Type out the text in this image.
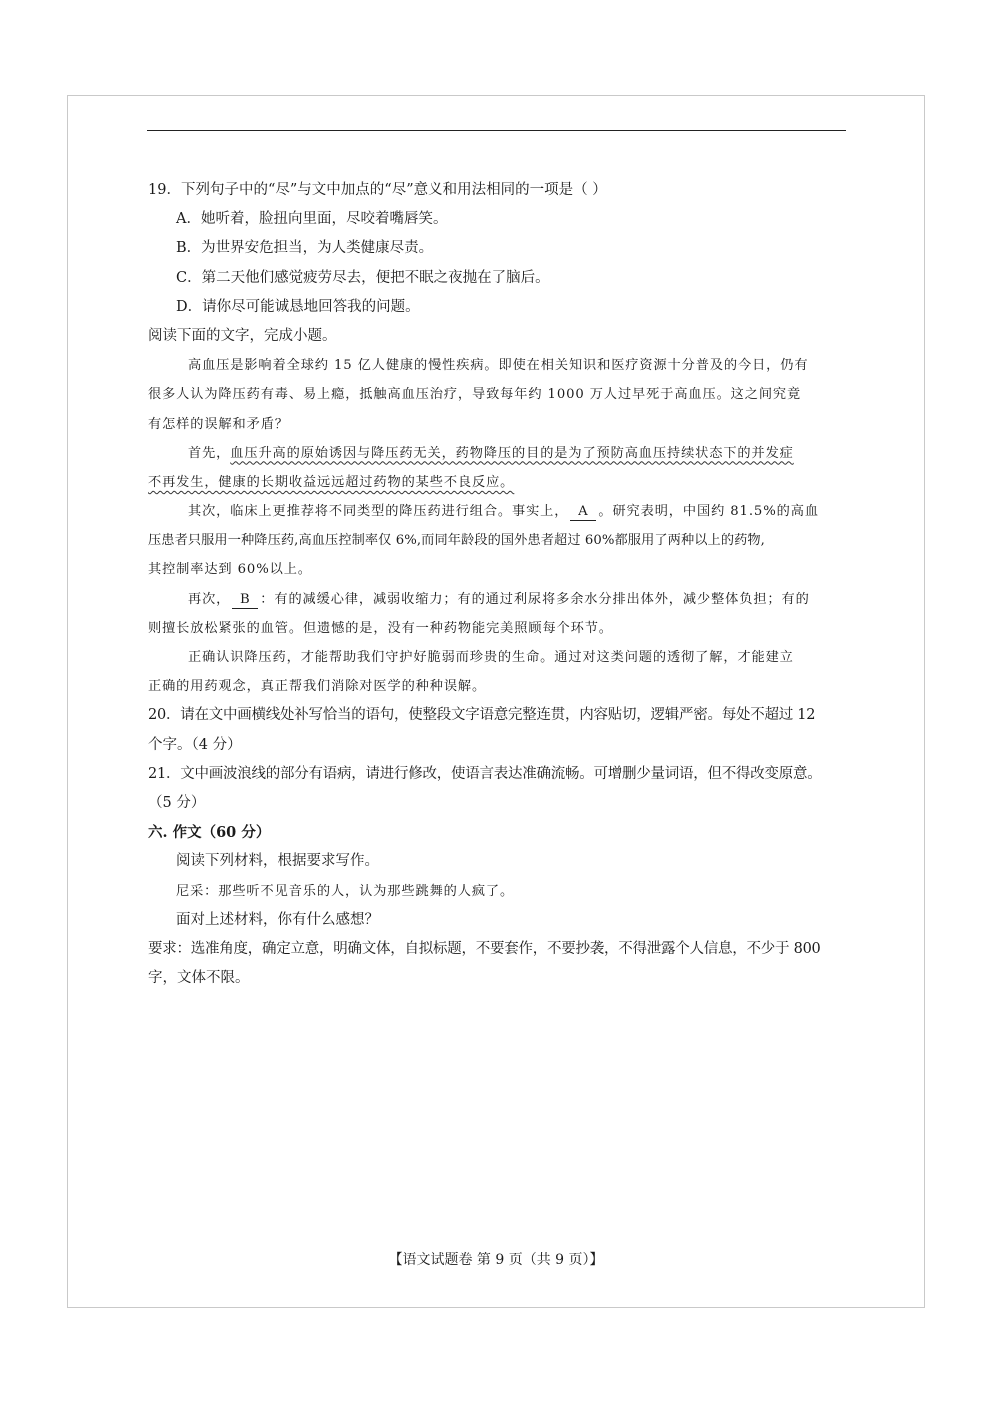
19．下列句子中的“尽”与文中加点的“尽”意义和用法相同的一项是（ ）
A．她听着，脸扭向里面，尽咬着嘴唇笑。
B．为世界安危担当，为人类健康尽责。
C．第二天他们感觉疲劳尽去，便把不眠之夜抛在了脑后。
D．请你尽可能诚恳地回答我的问题。
阅读下面的文字，完成小题。
高血压是影响着全球约 15 亿人健康的慢性疾病。即使在相关知识和医疗资源十分普及的今日，仍有
很多人认为降压药有毒、易上瘾，抵触高血压治疗，导致每年约 1000 万人过早死于高血压。这之间究竟
有怎样的误解和矛盾？
首先，血压升高的原始诱因与降压药无关，药物降压的目的是为了预防高血压持续状态下的并发症
不再发生，健康的长期收益远远超过药物的某些不良反应。
其次，临床上更推荐将不同类型的降压药进行组合。事实上， A 。研究表明，中国约 81.5%的高血
压患者只服用一种降压药,高血压控制率仅 6%,而同年龄段的国外患者超过 60%都服用了两种以上的药物,
其控制率达到 60%以上。
再次， B ：有的减缓心律，减弱收缩力；有的通过利尿将多余水分排出体外，减少整体负担；有的
则擅长放松紧张的血管。但遗憾的是，没有一种药物能完美照顾每个环节。
正确认识降压药，才能帮助我们守护好脆弱而珍贵的生命。通过对这类问题的透彻了解，才能建立
正确的用药观念，真正帮我们消除对医学的种种误解。
20．请在文中画横线处补写恰当的语句，使整段文字语意完整连贯，内容贴切，逻辑严密。每处不超过 12
个字。（4 分）
21．文中画波浪线的部分有语病，请进行修改，使语言表达准确流畅。可增删少量词语，但不得改变原意。
（5 分）
六. 作文（60 分）
阅读下列材料，根据要求写作。
尼采：那些听不见音乐的人，认为那些跳舞的人疯了。
面对上述材料，你有什么感想？
要求：选准角度，确定立意，明确文体，自拟标题，不要套作，不要抄袭，不得泄露个人信息，不少于 800
字，文体不限。
【语文试题卷 第 9 页（共 9 页）】
